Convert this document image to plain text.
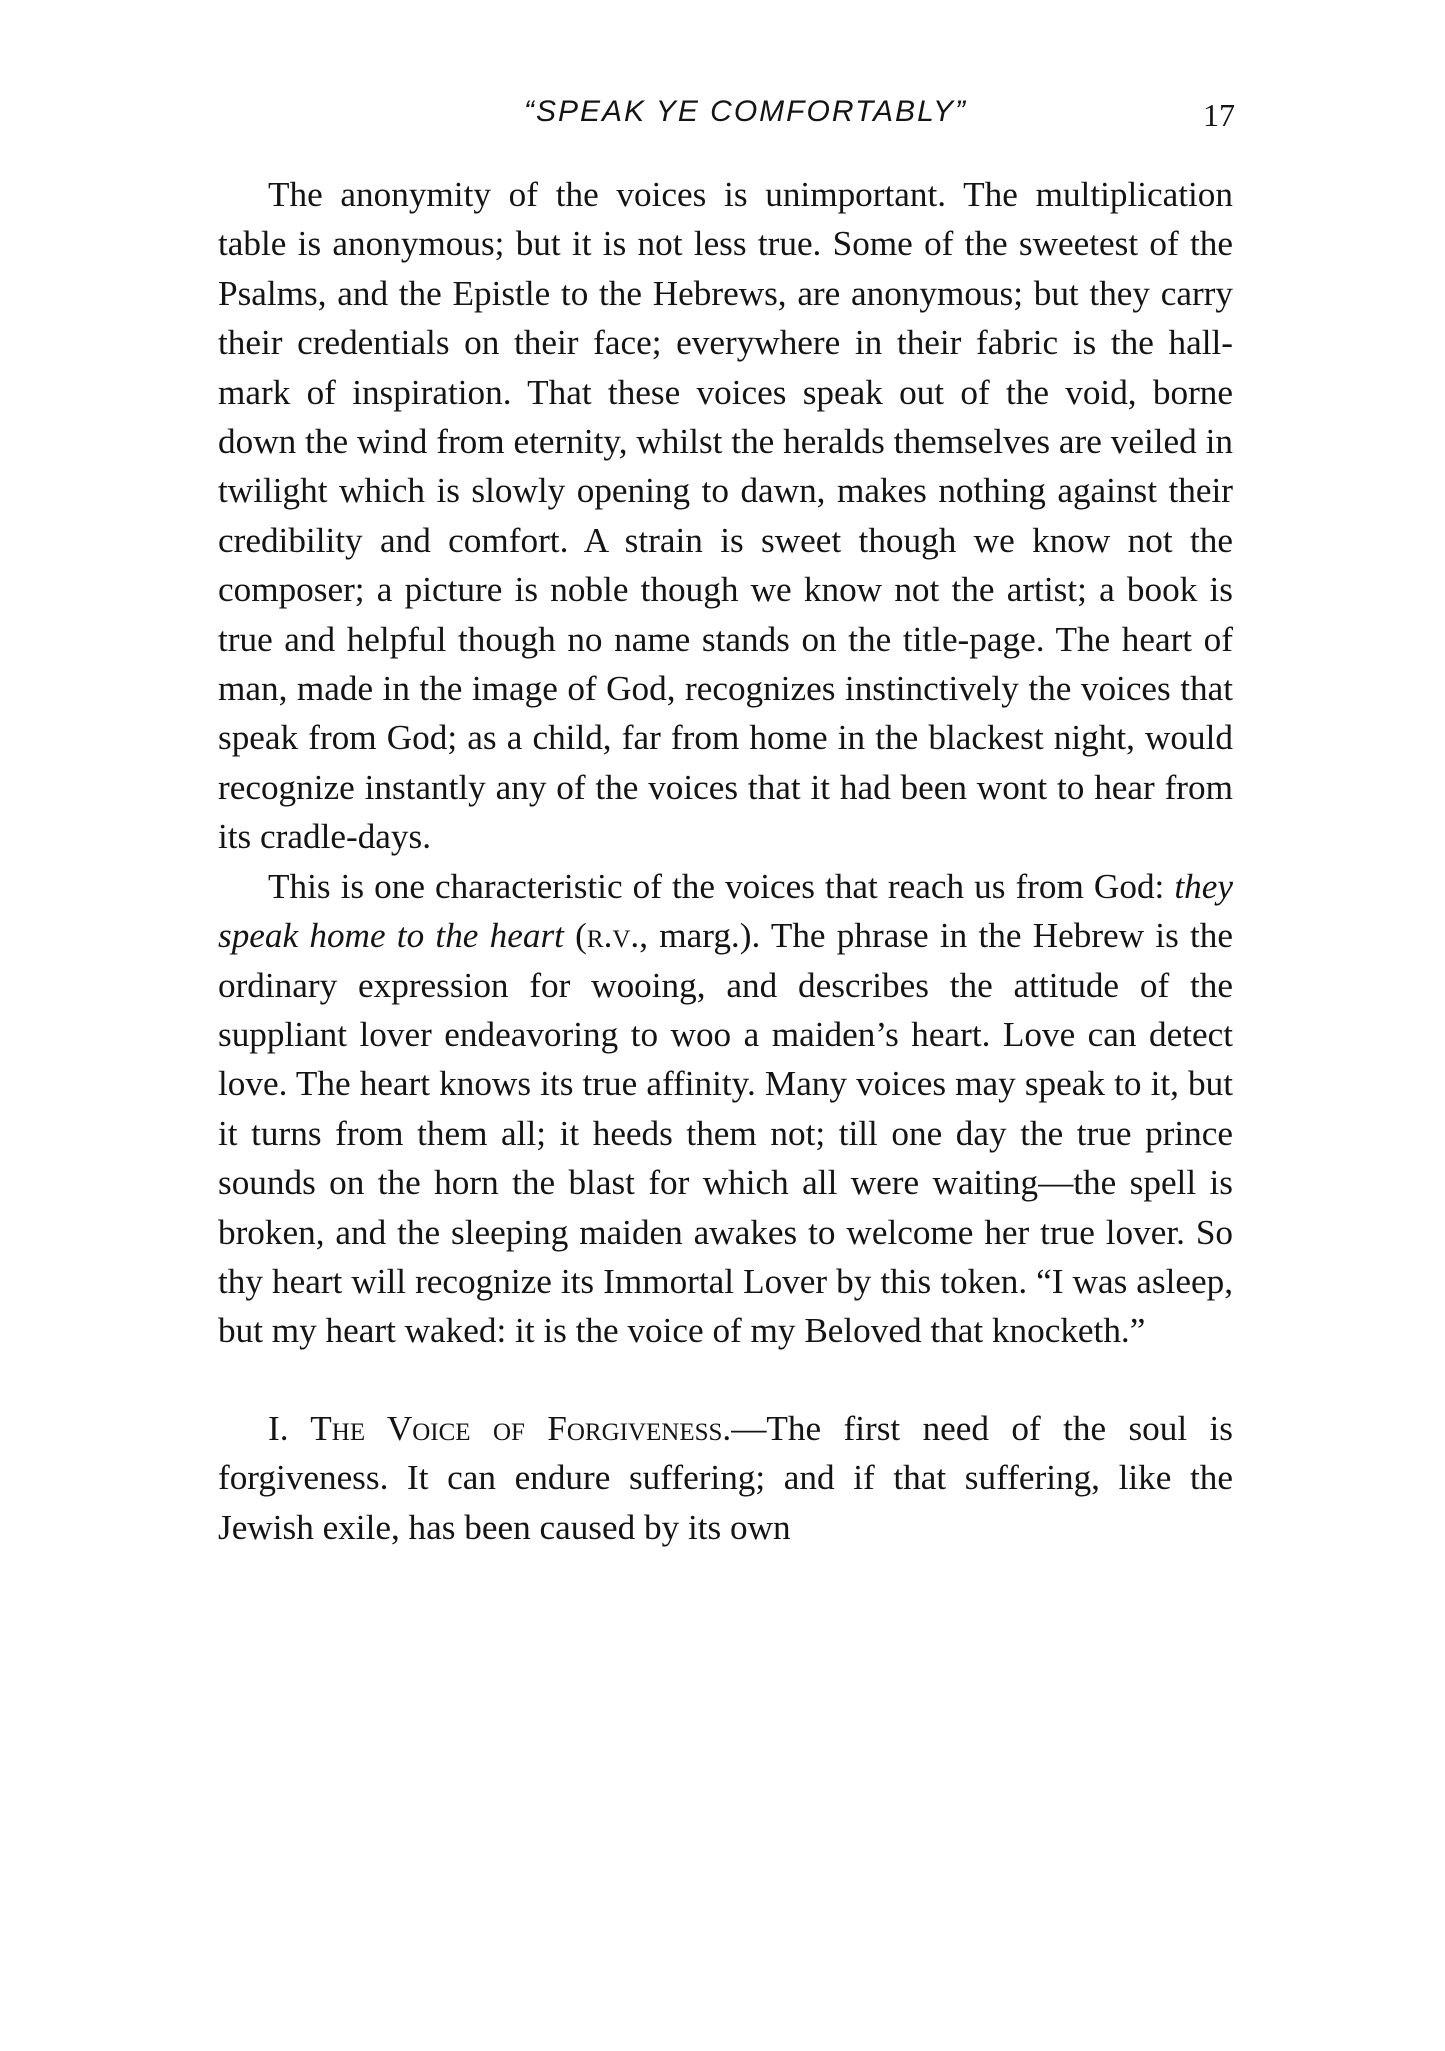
“SPEAK YE COMFORTABLY”	17

The anonymity of the voices is unimportant. The multiplication table is anonymous; but it is not less true. Some of the sweetest of the Psalms, and the Epistle to the Hebrews, are anonymous; but they carry their credentials on their face; everywhere in their fabric is the hall-mark of inspiration. That these voices speak out of the void, borne down the wind from eternity, whilst the heralds themselves are veiled in twilight which is slowly opening to dawn, makes nothing against their credibility and comfort. A strain is sweet though we know not the composer; a picture is noble though we know not the artist; a book is true and helpful though no name stands on the title-page. The heart of man, made in the image of God, recognizes instinctively the voices that speak from God; as a child, far from home in the blackest night, would recognize instantly any of the voices that it had been wont to hear from its cradle-days.

This is one characteristic of the voices that reach us from God: they speak home to the heart (r.v., marg.). The phrase in the Hebrew is the ordinary expression for wooing, and describes the attitude of the suppliant lover endeavoring to woo a maiden’s heart. Love can detect love. The heart knows its true affinity. Many voices may speak to it, but it turns from them all; it heeds them not; till one day the true prince sounds on the horn the blast for which all were waiting—the spell is broken, and the sleeping maiden awakes to welcome her true lover. So thy heart will recognize its Immortal Lover by this token. “I was asleep, but my heart waked: it is the voice of my Beloved that knocketh.”

I. The Voice of Forgiveness.—The first need of the soul is forgiveness. It can endure suffering; and if that suffering, like the Jewish exile, has been caused by its own
